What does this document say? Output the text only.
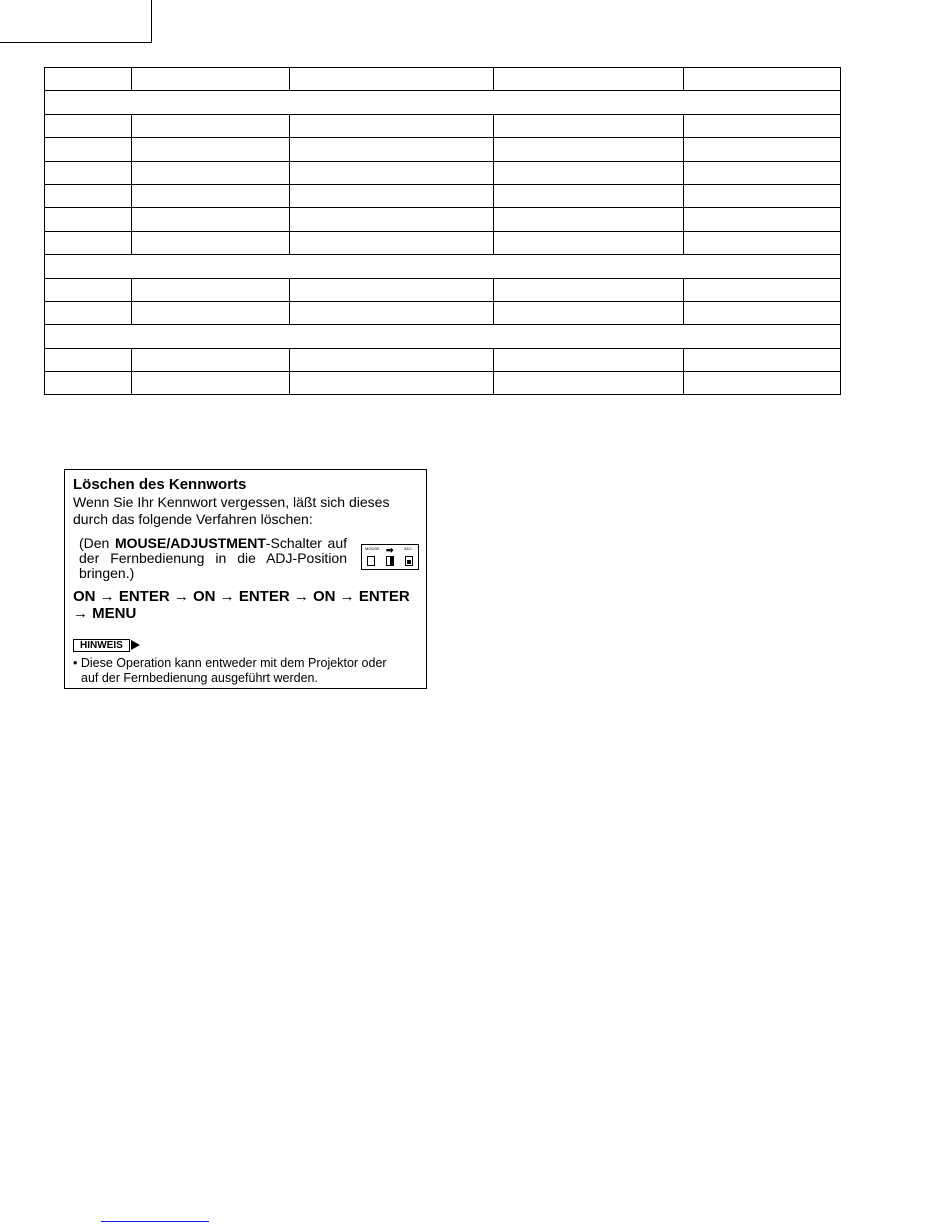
Löschen des Kennworts
Wenn Sie Ihr Kennwort vergessen, läßt sich dieses durch das folgende Verfahren löschen:
(Den MOUSE/ADJUSTMENT-Schalter auf der Fernbedienung in die ADJ-Position bringen.)
MOUSE ➡	ADJ.
ON → ENTER → ON → ENTER → ON → ENTER → MENU
HINWEIS
• Diese Operation kann entweder mit dem Projektor oder
auf der Fernbedienung ausgeführt werden.
